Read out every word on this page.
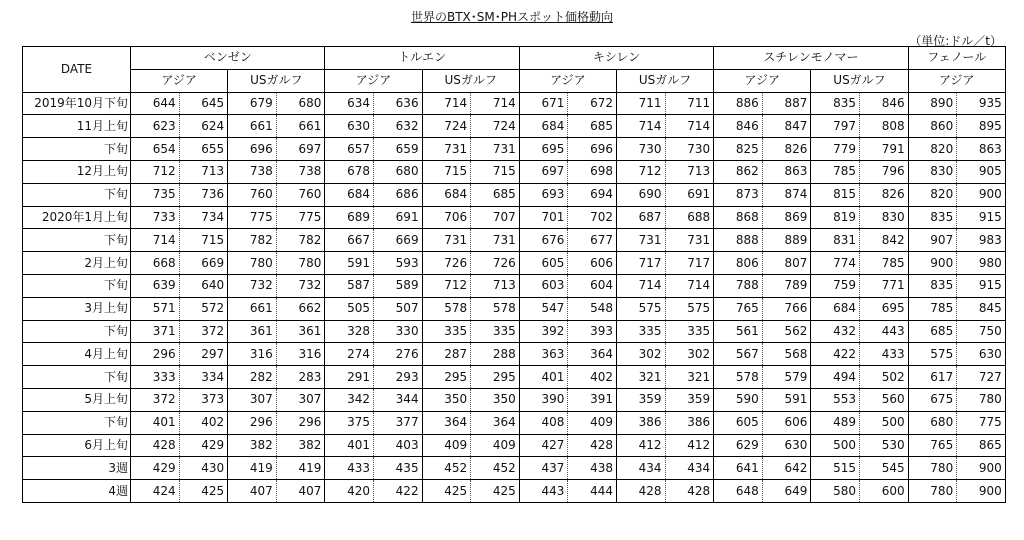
世界のBTX･SM･PHスポット価格動向
（単位:ドル／t）
DATE	ベンゼン				トルエン				キシレン				スチレンモノマー				フェノール	
	アジア		USガルフ		アジア		USガルフ		アジア		USガルフ		アジア		USガルフ		アジア	
2019年10月下旬	644	645	679	680	634	636	714	714	671	672	711	711	886	887	835	846	890	935
11月上旬	623	624	661	661	630	632	724	724	684	685	714	714	846	847	797	808	860	895
下旬	654	655	696	697	657	659	731	731	695	696	730	730	825	826	779	791	820	863
12月上旬	712	713	738	738	678	680	715	715	697	698	712	713	862	863	785	796	830	905
下旬	735	736	760	760	684	686	684	685	693	694	690	691	873	874	815	826	820	900
2020年1月上旬	733	734	775	775	689	691	706	707	701	702	687	688	868	869	819	830	835	915
下旬	714	715	782	782	667	669	731	731	676	677	731	731	888	889	831	842	907	983
2月上旬	668	669	780	780	591	593	726	726	605	606	717	717	806	807	774	785	900	980
下旬	639	640	732	732	587	589	712	713	603	604	714	714	788	789	759	771	835	915
3月上旬	571	572	661	662	505	507	578	578	547	548	575	575	765	766	684	695	785	845
下旬	371	372	361	361	328	330	335	335	392	393	335	335	561	562	432	443	685	750
4月上旬	296	297	316	316	274	276	287	288	363	364	302	302	567	568	422	433	575	630
下旬	333	334	282	283	291	293	295	295	401	402	321	321	578	579	494	502	617	727
5月上旬	372	373	307	307	342	344	350	350	390	391	359	359	590	591	553	560	675	780
下旬	401	402	296	296	375	377	364	364	408	409	386	386	605	606	489	500	680	775
6月上旬	428	429	382	382	401	403	409	409	427	428	412	412	629	630	500	530	765	865
3週	429	430	419	419	433	435	452	452	437	438	434	434	641	642	515	545	780	900
4週	424	425	407	407	420	422	425	425	443	444	428	428	648	649	580	600	780	900
